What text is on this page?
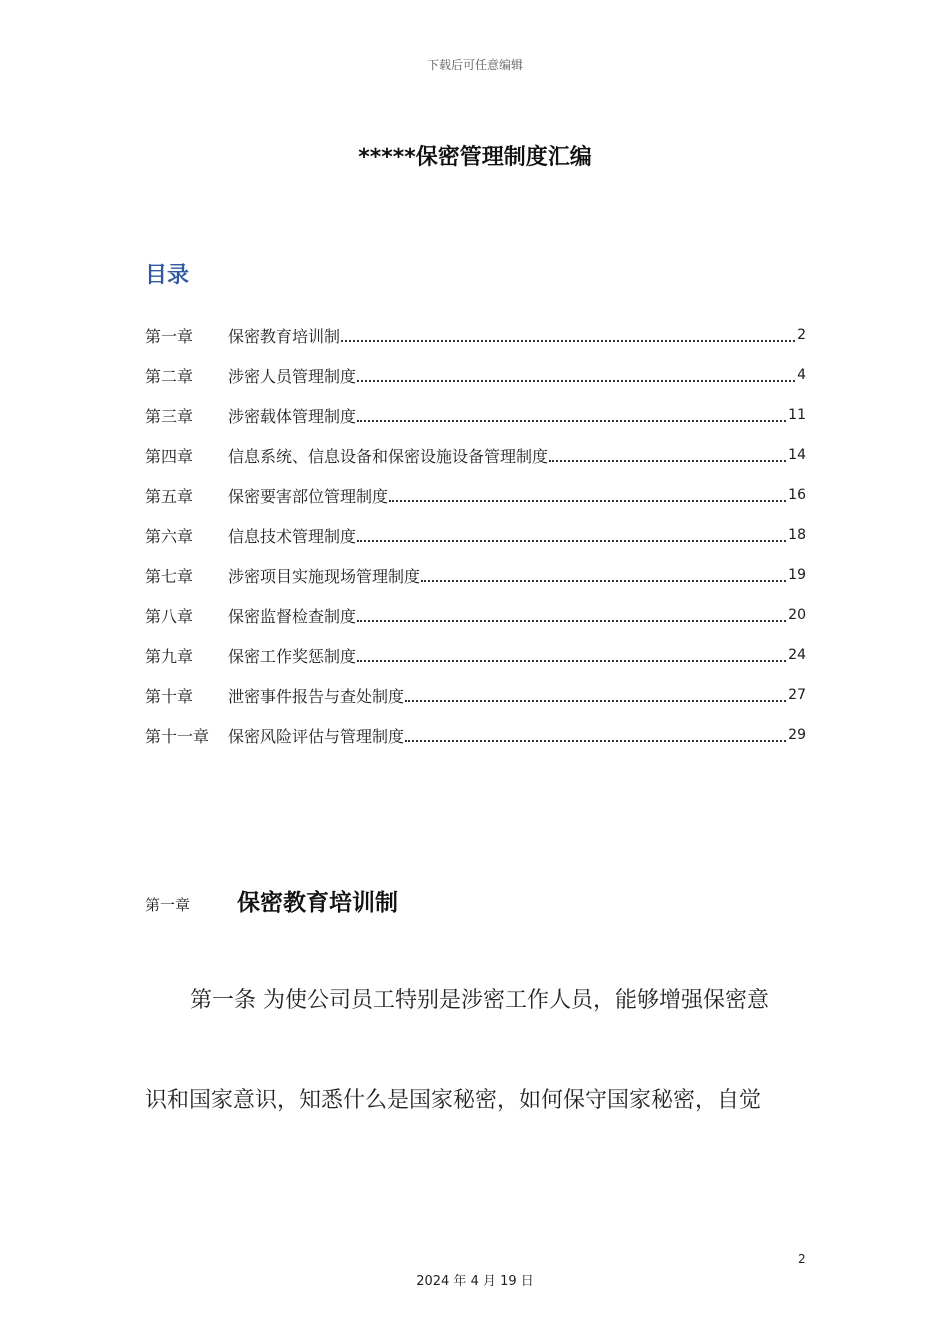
下载后可任意编辑
*****保密管理制度汇编
目录
第一章	保密教育培训制	2
第二章	涉密人员管理制度	4
第三章	涉密载体管理制度	11
第四章	信息系统、信息设备和保密设施设备管理制度	14
第五章	保密要害部位管理制度	16
第六章	信息技术管理制度	18
第七章	涉密项目实施现场管理制度	19
第八章	保密监督检查制度	20
第九章	保密工作奖惩制度	24
第十章	泄密事件报告与查处制度	27
第十一章	保密风险评估与管理制度	29
第一章	保密教育培训制
第一条 为使公司员工特别是涉密工作人员，能够增强保密意
识和国家意识，知悉什么是国家秘密，如何保守国家秘密，自觉
2
2024 年 4 月 19 日
